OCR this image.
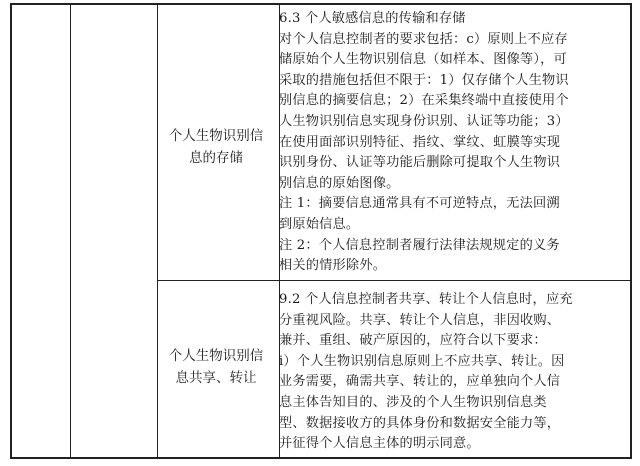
个人生物识别信
息的存储
6.3 个人敏感信息的传输和存储
对个人信息控制者的要求包括：c）原则上不应存
储原始个人生物识别信息（如样本、图像等），可
采取的措施包括但不限于：1）仅存储个人生物识
别信息的摘要信息；2）在采集终端中直接使用个
人生物识别信息实现身份识别、认证等功能；3）
在使用面部识别特征、指纹、掌纹、虹膜等实现
识别身份、认证等功能后删除可提取个人生物识
别信息的原始图像。
注 1：摘要信息通常具有不可逆特点，无法回溯
到原始信息。
注 2：个人信息控制者履行法律法规规定的义务
相关的情形除外。
个人生物识别信
息共享、转让
9.2 个人信息控制者共享、转让个人信息时，应充
分重视风险。共享、转让个人信息，非因收购、
兼并、重组、破产原因的，应符合以下要求：
i）个人生物识别信息原则上不应共享、转让。因
业务需要，确需共享、转让的，应单独向个人信
息主体告知目的、涉及的个人生物识别信息类
型、数据接收方的具体身份和数据安全能力等，
并征得个人信息主体的明示同意。
